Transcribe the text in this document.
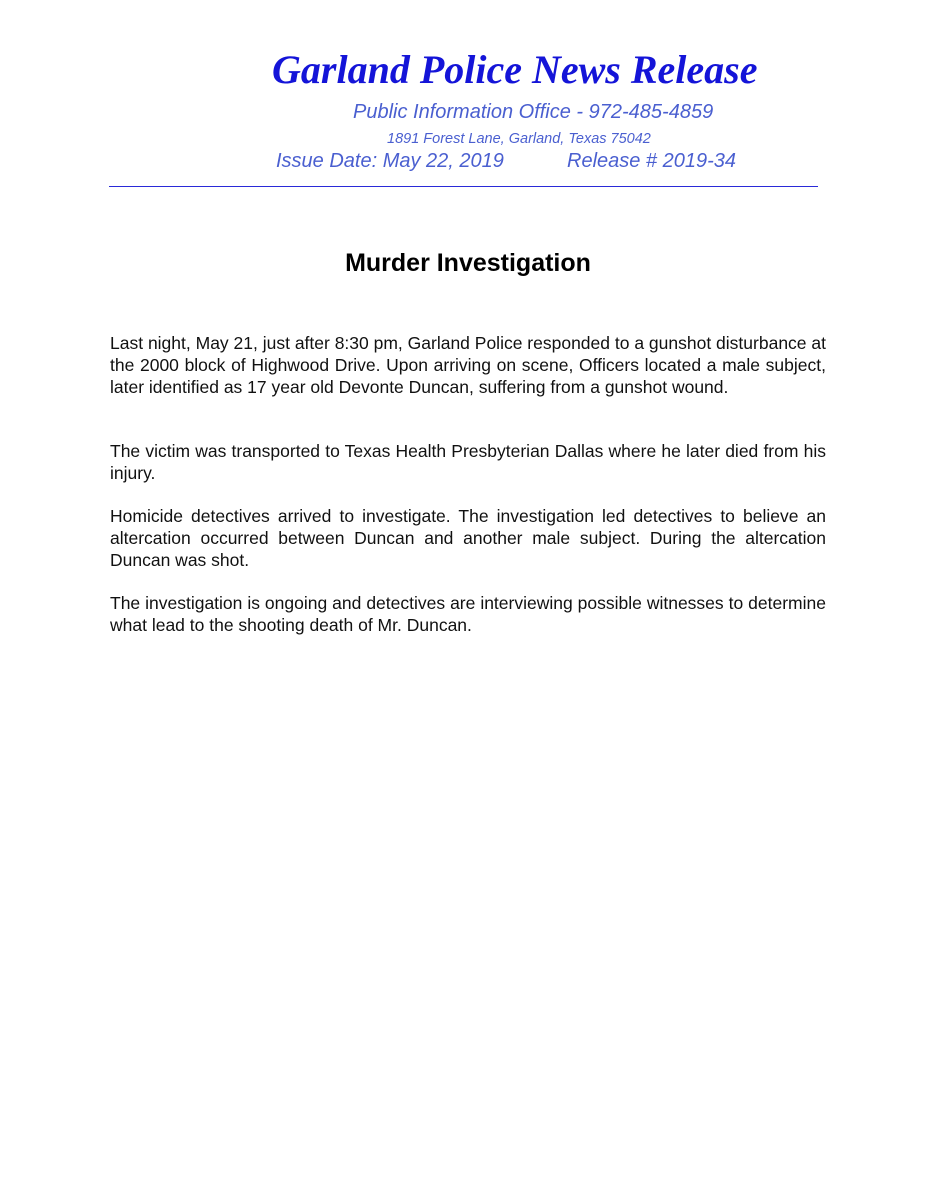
Garland Police News Release
Public Information Office - 972-485-4859
1891 Forest Lane, Garland, Texas 75042
Issue Date: May 22, 2019	Release # 2019-34
Murder Investigation

Last night, May 21, just after 8:30 pm, Garland Police responded to a gunshot disturbance at the 2000 block of Highwood Drive. Upon arriving on scene, Officers located a male subject, later identified as 17 year old Devonte Duncan, suffering from a gunshot wound.

The victim was transported to Texas Health Presbyterian Dallas where he later died from his injury.

Homicide detectives arrived to investigate. The investigation led detectives to believe an altercation occurred between Duncan and another male subject. During the altercation Duncan was shot.

The investigation is ongoing and detectives are interviewing possible witnesses to determine what lead to the shooting death of Mr. Duncan.
